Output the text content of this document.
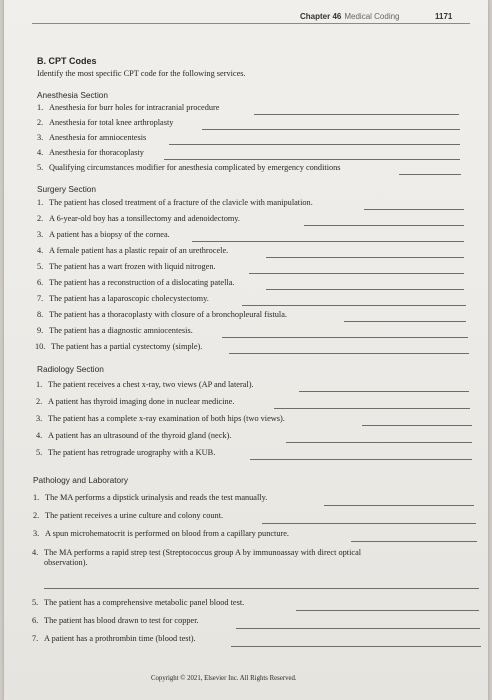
Chapter 46 Medical Coding	1171
B. CPT Codes
Identify the most specific CPT code for the following services.
Anesthesia Section
1. Anesthesia for burr holes for intracranial procedure
2. Anesthesia for total knee arthroplasty
3. Anesthesia for amniocentesis
4. Anesthesia for thoracoplasty
5. Qualifying circumstances modifier for anesthesia complicated by emergency conditions
Surgery Section
1. The patient has closed treatment of a fracture of the clavicle with manipulation.
2. A 6-year-old boy has a tonsillectomy and adenoidectomy.
3. A patient has a biopsy of the cornea.
4. A female patient has a plastic repair of an urethrocele.
5. The patient has a wart frozen with liquid nitrogen.
6. The patient has a reconstruction of a dislocating patella.
7. The patient has a laparoscopic cholecystectomy.
8. The patient has a thoracoplasty with closure of a bronchopleural fistula.
9. The patient has a diagnostic amniocentesis.
10. The patient has a partial cystectomy (simple).
Radiology Section
1. The patient receives a chest x-ray, two views (AP and lateral).
2. A patient has thyroid imaging done in nuclear medicine.
3. The patient has a complete x-ray examination of both hips (two views).
4. A patient has an ultrasound of the thyroid gland (neck).
5. The patient has retrograde urography with a KUB.
Pathology and Laboratory
1. The MA performs a dipstick urinalysis and reads the test manually.
2. The patient receives a urine culture and colony count.
3. A spun microhematocrit is performed on blood from a capillary puncture.
4. The MA performs a rapid strep test (Streptococcus group A by immunoassay with direct optical
observation).
5. The patient has a comprehensive metabolic panel blood test.
6. The patient has blood drawn to test for copper.
7. A patient has a prothrombin time (blood test).
Copyright © 2021, Elsevier Inc. All Rights Reserved.
